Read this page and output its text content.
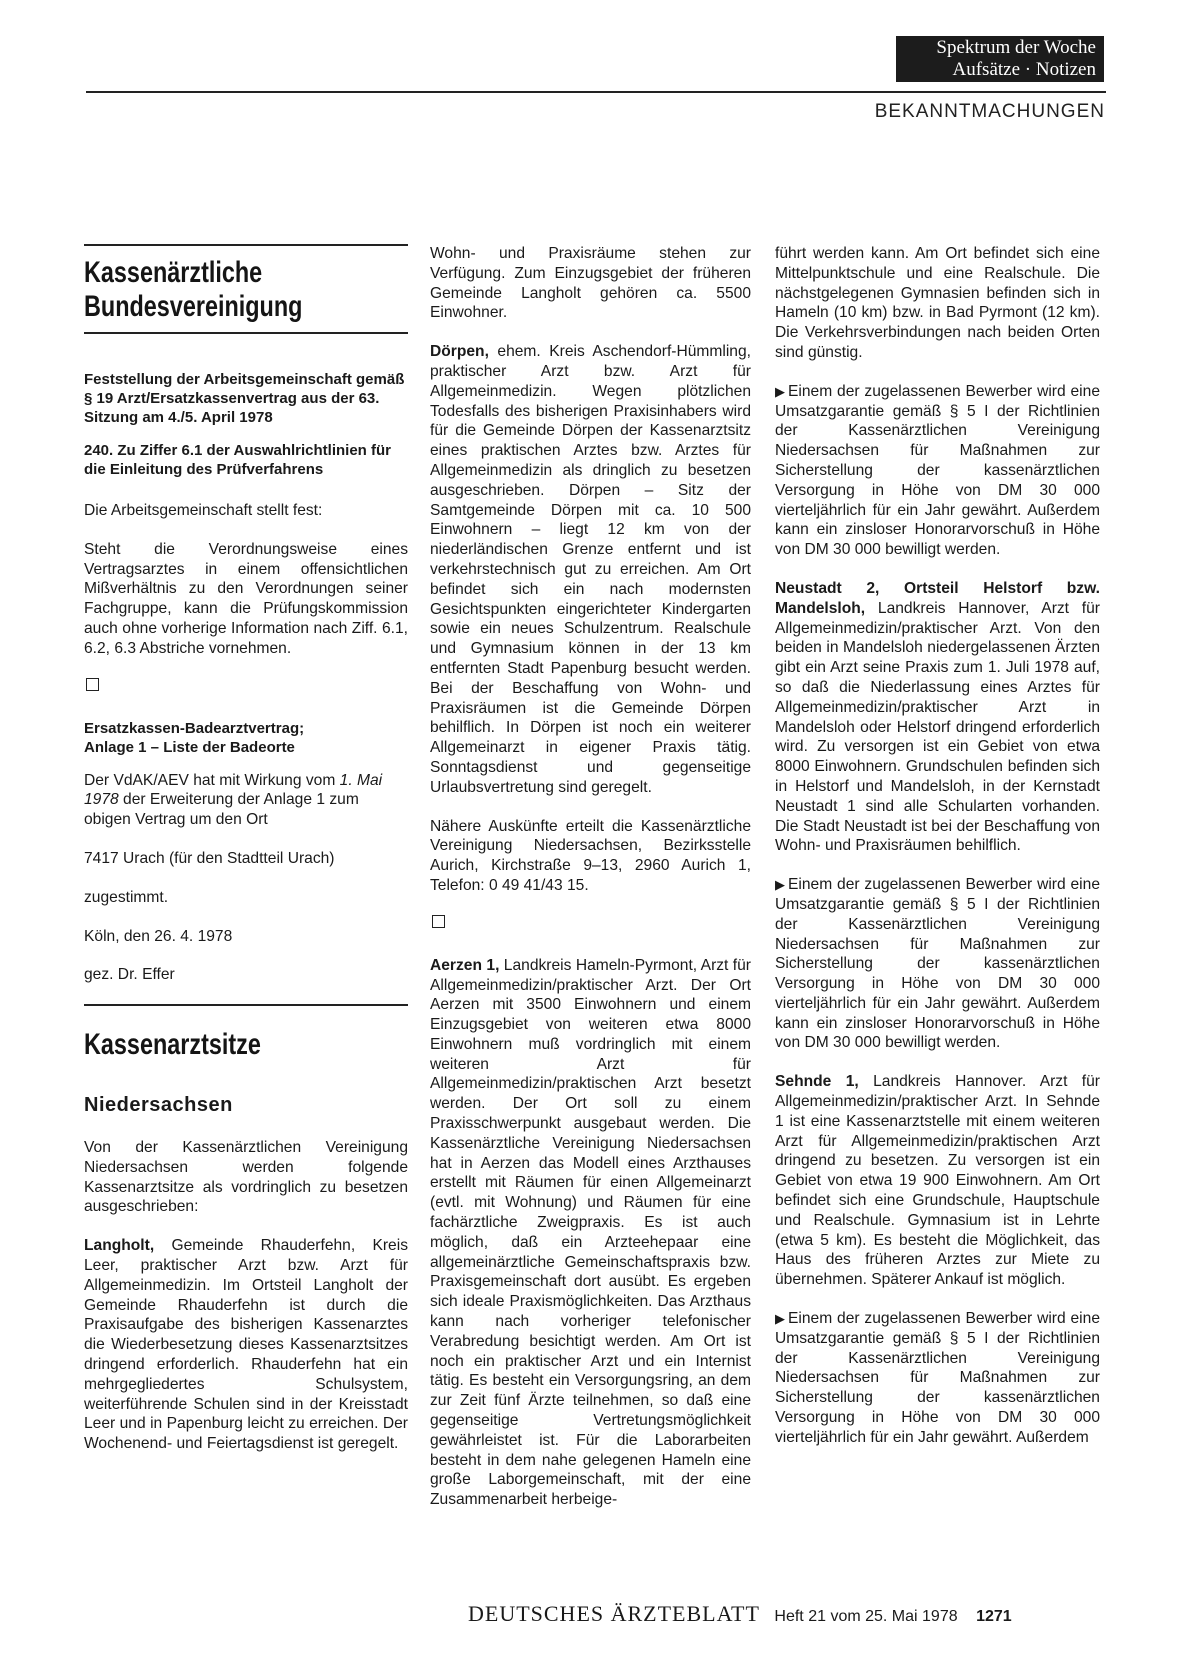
Spektrum der Woche
Aufsätze · Notizen
BEKANNTMACHUNGEN
Kassenärztliche
Bundesvereinigung

Feststellung der Arbeitsgemeinschaft gemäß § 19 Arzt/Ersatzkassenvertrag aus der 63. Sitzung am 4./5. April 1978

240. Zu Ziffer 6.1 der Auswahlrichtlinien für die Einleitung des Prüfverfahrens

Die Arbeitsgemeinschaft stellt fest:

Steht die Verordnungsweise eines Vertragsarztes in einem offensichtlichen Mißverhältnis zu den Verordnungen seiner Fachgruppe, kann die Prüfungskommission auch ohne vorherige Information nach Ziff. 6.1, 6.2, 6.3 Abstriche vornehmen.

Ersatzkassen-Badearztvertrag;
Anlage 1 – Liste der Badeorte

Der VdAK/AEV hat mit Wirkung vom 1. Mai 1978 der Erweiterung der Anlage 1 zum obigen Vertrag um den Ort

7417 Urach (für den Stadtteil Urach)

zugestimmt.

Köln, den 26. 4. 1978

gez. Dr. Effer

Kassenarztsitze

Niedersachsen

Von der Kassenärztlichen Vereinigung Niedersachsen werden folgende Kassenarztsitze als vordringlich zu besetzen ausgeschrieben:

Langholt, Gemeinde Rhauderfehn, Kreis Leer, praktischer Arzt bzw. Arzt für Allgemeinmedizin. Im Ortsteil Langholt der Gemeinde Rhauderfehn ist durch die Praxisaufgabe des bisherigen Kassenarztes die Wiederbesetzung dieses Kassenarztsitzes dringend erforderlich. Rhauderfehn hat ein mehrgegliedertes Schulsystem, weiterführende Schulen sind in der Kreisstadt Leer und in Papenburg leicht zu erreichen. Der Wochenend- und Feiertagsdienst ist geregelt.

Wohn- und Praxisräume stehen zur Verfügung. Zum Einzugsgebiet der früheren Gemeinde Langholt gehören ca. 5500 Einwohner.

Dörpen, ehem. Kreis Aschendorf-Hümmling, praktischer Arzt bzw. Arzt für Allgemeinmedizin. Wegen plötzlichen Todesfalls des bisherigen Praxisinhabers wird für die Gemeinde Dörpen der Kassenarztsitz eines praktischen Arztes bzw. Arztes für Allgemeinmedizin als dringlich zu besetzen ausgeschrieben. Dörpen – Sitz der Samtgemeinde Dörpen mit ca. 10 500 Einwohnern – liegt 12 km von der niederländischen Grenze entfernt und ist verkehrstechnisch gut zu erreichen. Am Ort befindet sich ein nach modernsten Gesichtspunkten eingerichteter Kindergarten sowie ein neues Schulzentrum. Realschule und Gymnasium können in der 13 km entfernten Stadt Papenburg besucht werden. Bei der Beschaffung von Wohn- und Praxisräumen ist die Gemeinde Dörpen behilflich. In Dörpen ist noch ein weiterer Allgemeinarzt in eigener Praxis tätig. Sonntagsdienst und gegenseitige Urlaubsvertretung sind geregelt.

Nähere Auskünfte erteilt die Kassenärztliche Vereinigung Niedersachsen, Bezirksstelle Aurich, Kirchstraße 9–13, 2960 Aurich 1, Telefon: 0 49 41/43 15.

Aerzen 1, Landkreis Hameln-Pyrmont, Arzt für Allgemeinmedizin/praktischer Arzt. Der Ort Aerzen mit 3500 Einwohnern und einem Einzugsgebiet von weiteren etwa 8000 Einwohnern muß vordringlich mit einem weiteren Arzt für Allgemeinmedizin/praktischen Arzt besetzt werden. Der Ort soll zu einem Praxisschwerpunkt ausgebaut werden. Die Kassenärztliche Vereinigung Niedersachsen hat in Aerzen das Modell eines Arzthauses erstellt mit Räumen für einen Allgemeinarzt (evtl. mit Wohnung) und Räumen für eine fachärztliche Zweigpraxis. Es ist auch möglich, daß ein Arzteehepaar eine allgemeinärztliche Gemeinschaftspraxis bzw. Praxisgemeinschaft dort ausübt. Es ergeben sich ideale Praxismöglichkeiten. Das Arzthaus kann nach vorheriger telefonischer Verabredung besichtigt werden. Am Ort ist noch ein praktischer Arzt und ein Internist tätig. Es besteht ein Versorgungsring, an dem zur Zeit fünf Ärzte teilnehmen, so daß eine gegenseitige Vertretungsmöglichkeit gewährleistet ist. Für die Laborarbeiten besteht in dem nahe gelegenen Hameln eine große Laborgemeinschaft, mit der eine Zusammenarbeit herbeige-

führt werden kann. Am Ort befindet sich eine Mittelpunktschule und eine Realschule. Die nächstgelegenen Gymnasien befinden sich in Hameln (10 km) bzw. in Bad Pyrmont (12 km). Die Verkehrsverbindungen nach beiden Orten sind günstig.

▶ Einem der zugelassenen Bewerber wird eine Umsatzgarantie gemäß § 5 I der Richtlinien der Kassenärztlichen Vereinigung Niedersachsen für Maßnahmen zur Sicherstellung der kassenärztlichen Versorgung in Höhe von DM 30 000 vierteljährlich für ein Jahr gewährt. Außerdem kann ein zinsloser Honorarvorschuß in Höhe von DM 30 000 bewilligt werden.

Neustadt 2, Ortsteil Helstorf bzw. Mandelsloh, Landkreis Hannover, Arzt für Allgemeinmedizin/praktischer Arzt. Von den beiden in Mandelsloh niedergelassenen Ärzten gibt ein Arzt seine Praxis zum 1. Juli 1978 auf, so daß die Niederlassung eines Arztes für Allgemeinmedizin/praktischer Arzt in Mandelsloh oder Helstorf dringend erforderlich wird. Zu versorgen ist ein Gebiet von etwa 8000 Einwohnern. Grundschulen befinden sich in Helstorf und Mandelsloh, in der Kernstadt Neustadt 1 sind alle Schularten vorhanden. Die Stadt Neustadt ist bei der Beschaffung von Wohn- und Praxisräumen behilflich.

▶ Einem der zugelassenen Bewerber wird eine Umsatzgarantie gemäß § 5 I der Richtlinien der Kassenärztlichen Vereinigung Niedersachsen für Maßnahmen zur Sicherstellung der kassenärztlichen Versorgung in Höhe von DM 30 000 vierteljährlich für ein Jahr gewährt. Außerdem kann ein zinsloser Honorarvorschuß in Höhe von DM 30 000 bewilligt werden.

Sehnde 1, Landkreis Hannover. Arzt für Allgemeinmedizin/praktischer Arzt. In Sehnde 1 ist eine Kassenarztstelle mit einem weiteren Arzt für Allgemeinmedizin/praktischen Arzt dringend zu besetzen. Zu versorgen ist ein Gebiet von etwa 19 900 Einwohnern. Am Ort befindet sich eine Grundschule, Hauptschule und Realschule. Gymnasium ist in Lehrte (etwa 5 km). Es besteht die Möglichkeit, das Haus des früheren Arztes zur Miete zu übernehmen. Späterer Ankauf ist möglich.

▶ Einem der zugelassenen Bewerber wird eine Umsatzgarantie gemäß § 5 I der Richtlinien der Kassenärztlichen Vereinigung Niedersachsen für Maßnahmen zur Sicherstellung der kassenärztlichen Versorgung in Höhe von DM 30 000 vierteljährlich für ein Jahr gewährt. Außerdem

DEUTSCHES ÄRZTEBLATT Heft 21 vom 25. Mai 1978 1271
